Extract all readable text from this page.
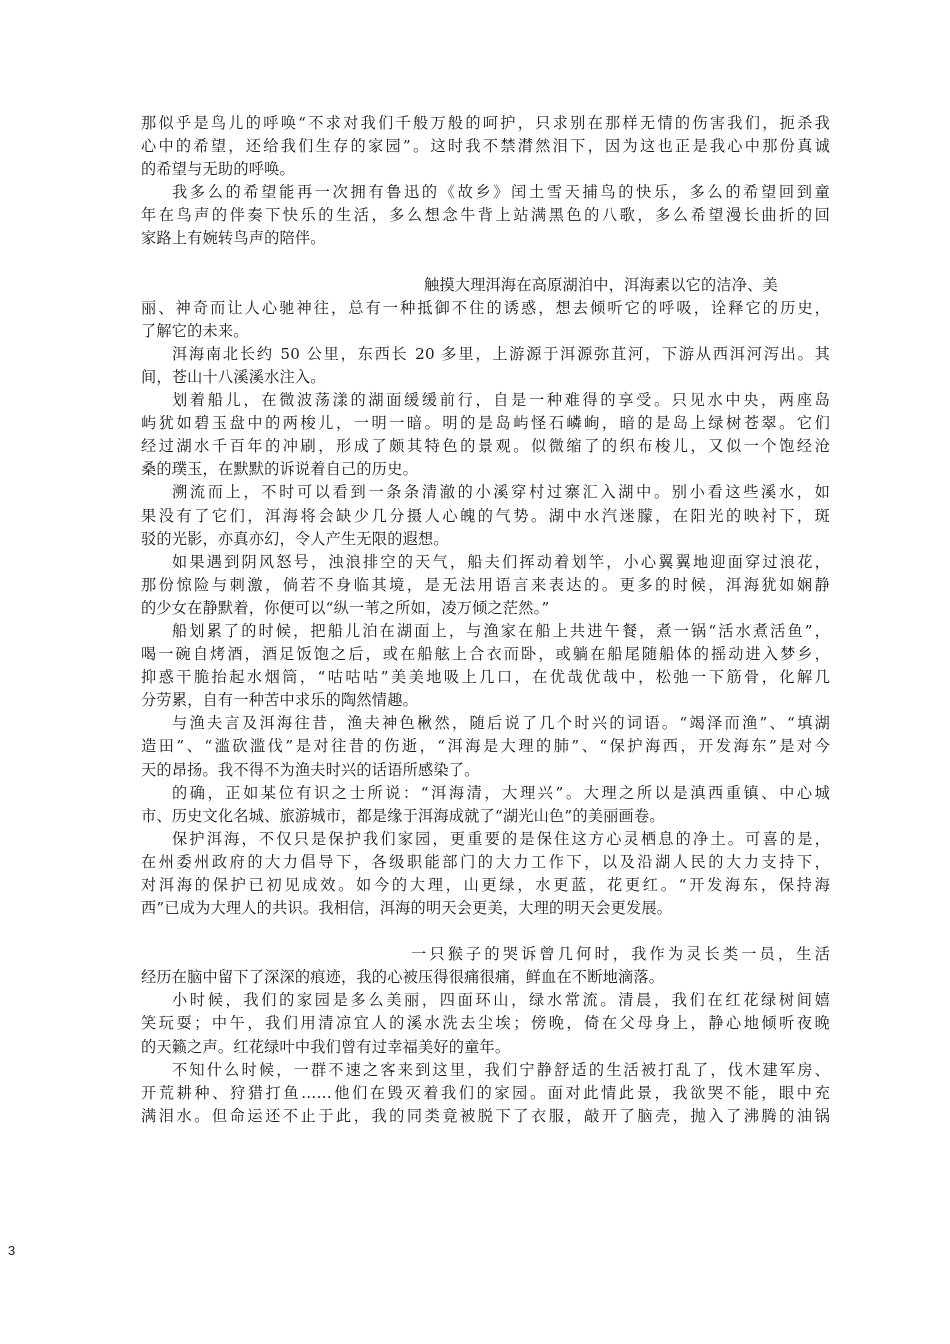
那似乎是鸟儿的呼唤“不求对我们千般万般的呵护，只求别在那样无情的伤害我们，扼杀我
心中的希望，还给我们生存的家园”。这时我不禁潸然泪下，因为这也正是我心中那份真诚
的希望与无助的呼唤。
我多么的希望能再一次拥有鲁迅的《故乡》闰土雪天捕鸟的快乐，多么的希望回到童
年在鸟声的伴奏下快乐的生活，多么想念牛背上站满黑色的八歌，多么希望漫长曲折的回
家路上有婉转鸟声的陪伴。
触摸大理洱海在高原湖泊中，洱海素以它的洁净、美
丽、神奇而让人心驰神往，总有一种抵御不住的诱惑，想去倾听它的呼吸，诠释它的历史，
了解它的未来。
洱海南北长约 50 公里，东西长 20 多里，上游源于洱源弥苴河，下游从西洱河泻出。其
间，苍山十八溪溪水注入。
划着船儿，在微波荡漾的湖面缓缓前行，自是一种难得的享受。只见水中央，两座岛
屿犹如碧玉盘中的两梭儿，一明一暗。明的是岛屿怪石嶙峋，暗的是岛上绿树苍翠。它们
经过湖水千百年的冲刷，形成了颇其特色的景观。似微缩了的织布梭儿，又似一个饱经沧
桑的璞玉，在默默的诉说着自己的历史。
溯流而上，不时可以看到一条条清澈的小溪穿村过寨汇入湖中。别小看这些溪水，如
果没有了它们，洱海将会缺少几分摄人心魄的气势。湖中水汽迷朦，在阳光的映衬下，斑
驳的光影，亦真亦幻，令人产生无限的遐想。
如果遇到阴风怒号，浊浪排空的天气，船夫们挥动着划竿，小心翼翼地迎面穿过浪花，
那份惊险与刺激，倘若不身临其境，是无法用语言来表达的。更多的时候，洱海犹如娴静
的少女在静默着，你便可以“纵一苇之所如，凌万倾之茫然。”
船划累了的时候，把船儿泊在湖面上，与渔家在船上共进午餐，煮一锅“活水煮活鱼”，
喝一碗自烤酒，酒足饭饱之后，或在船舷上合衣而卧，或躺在船尾随船体的摇动进入梦乡，
抑惑干脆抬起水烟筒，“咕咕咕”美美地吸上几口，在优哉优哉中，松弛一下筋骨，化解几
分劳累，自有一种苦中求乐的陶然情趣。
与渔夫言及洱海往昔，渔夫神色楸然，随后说了几个时兴的词语。“竭泽而渔”、“填湖
造田”、“滥砍滥伐”是对往昔的伤逝，“洱海是大理的肺”、“保护海西，开发海东”是对今
天的昂扬。我不得不为渔夫时兴的话语所感染了。
的确，正如某位有识之士所说：“洱海清，大理兴”。大理之所以是滇西重镇、中心城
市、历史文化名城、旅游城市，都是缘于洱海成就了“湖光山色”的美丽画卷。
保护洱海，不仅只是保护我们家园，更重要的是保住这方心灵栖息的净土。可喜的是，
在州委州政府的大力倡导下，各级职能部门的大力工作下，以及沿湖人民的大力支持下，
对洱海的保护已初见成效。如今的大理，山更绿，水更蓝，花更红。“开发海东，保持海
西”已成为大理人的共识。我相信，洱海的明天会更美，大理的明天会更发展。
一只猴子的哭诉曾几何时，我作为灵长类一员，生活
经历在脑中留下了深深的痕迹，我的心被压得很痛很痛，鲜血在不断地滴落。
小时候，我们的家园是多么美丽，四面环山，绿水常流。清晨，我们在红花绿树间嬉
笑玩耍；中午，我们用清凉宜人的溪水洗去尘埃；傍晚，倚在父母身上，静心地倾听夜晚
的天籁之声。红花绿叶中我们曾有过幸福美好的童年。
不知什么时候，一群不速之客来到这里，我们宁静舒适的生活被打乱了，伐木建军房、
开荒耕种、狩猎打鱼……他们在毁灭着我们的家园。面对此情此景，我欲哭不能，眼中充
满泪水。但命运还不止于此，我的同类竟被脱下了衣服，敲开了脑壳，抛入了沸腾的油锅
3
